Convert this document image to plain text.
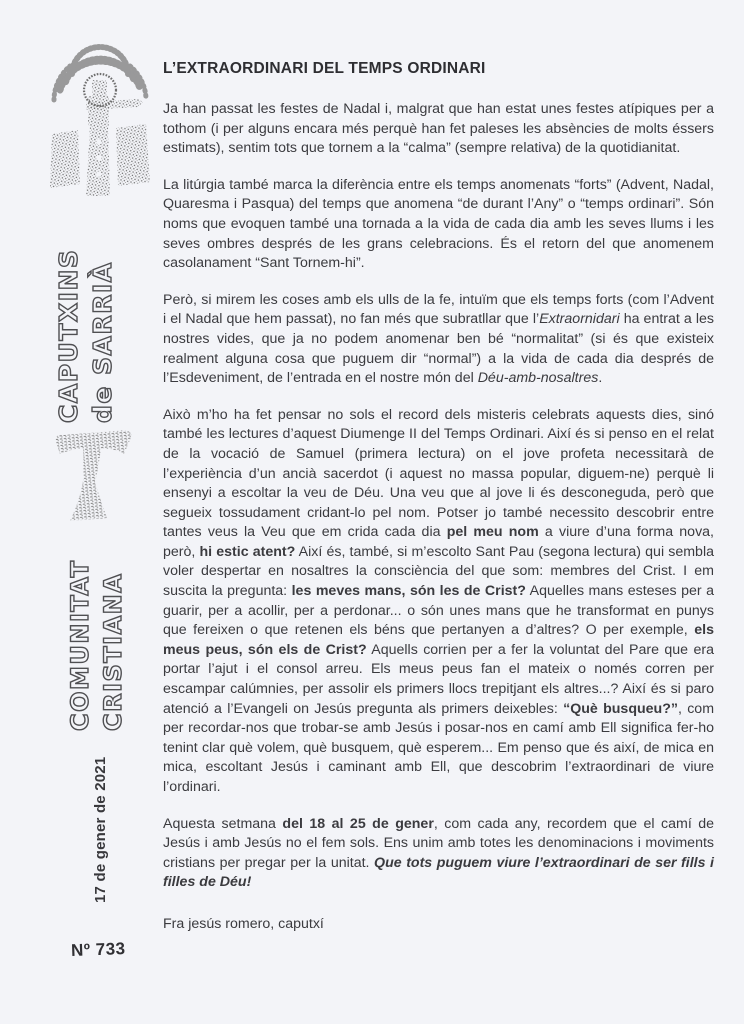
CAPUTXINS de SARRIÀ
COMUNITAT CRISTIANA
17 de gener de 2021
Nº 733
L’EXTRAORDINARI DEL TEMPS ORDINARI

Ja han passat les festes de Nadal i, malgrat que han estat unes festes atípiques per a tothom (i per alguns encara més perquè han fet paleses les absències de molts éssers estimats), sentim tots que tornem a la “calma” (sempre relativa) de la quotidianitat.

La litúrgia també marca la diferència entre els temps anomenats “forts” (Advent, Nadal, Quaresma i Pasqua) del temps que anomena “de durant l’Any” o “temps ordinari”. Són noms que evoquen també una tornada a la vida de cada dia amb les seves llums i les seves ombres després de les grans celebracions. És el retorn del que anomenem casolanament “Sant Tornem-hi”.

Però, si mirem les coses amb els ulls de la fe, intuïm que els temps forts (com l’Advent i el Nadal que hem passat), no fan més que subratllar que l’Extraornidari ha entrat a les nostres vides, que ja no podem anomenar ben bé “normalitat” (si és que existeix realment alguna cosa que puguem dir “normal”) a la vida de cada dia després de l’Esdeveniment, de l’entrada en el nostre món del Déu-amb-nosaltres.

Això m’ho ha fet pensar no sols el record dels misteris celebrats aquests dies, sinó també les lectures d’aquest Diumenge II del Temps Ordinari. Així és si penso en el relat de la vocació de Samuel (primera lectura) on el jove profeta necessitarà de l’experiència d’un ancià sacerdot (i aquest no massa popular, diguem-ne) perquè li ensenyi a escoltar la veu de Déu. Una veu que al jove li és desconeguda, però que segueix tossudament cridant-lo pel nom. Potser jo també necessito descobrir entre tantes veus la Veu que em crida cada dia pel meu nom a viure d’una forma nova, però, hi estic atent? Així és, també, si m’escolto Sant Pau (segona lectura) qui sembla voler despertar en nosaltres la consciència del que som: membres del Crist. I em suscita la pregunta: les meves mans, són les de Crist? Aquelles mans esteses per a guarir, per a acollir, per a perdonar... o són unes mans que he transformat en punys que fereixen o que retenen els béns que pertanyen a d’altres? O per exemple, els meus peus, són els de Crist? Aquells corrien per a fer la voluntat del Pare que era portar l’ajut i el consol arreu. Els meus peus fan el mateix o només corren per escampar calúmnies, per assolir els primers llocs trepitjant els altres...? Així és si paro atenció a l’Evangeli on Jesús pregunta als primers deixebles: “Què busqueu?”, com per recordar-nos que trobar-se amb Jesús i posar-nos en camí amb Ell significa fer-ho tenint clar què volem, què busquem, què esperem... Em penso que és així, de mica en mica, escoltant Jesús i caminant amb Ell, que descobrim l’extraordinari de viure l’ordinari.

Aquesta setmana del 18 al 25 de gener, com cada any, recordem que el camí de Jesús i amb Jesús no el fem sols. Ens unim amb totes les denominacions i moviments cristians per pregar per la unitat. Que tots puguem viure l’extraordinari de ser fills i filles de Déu!

Fra jesús romero, caputxí
